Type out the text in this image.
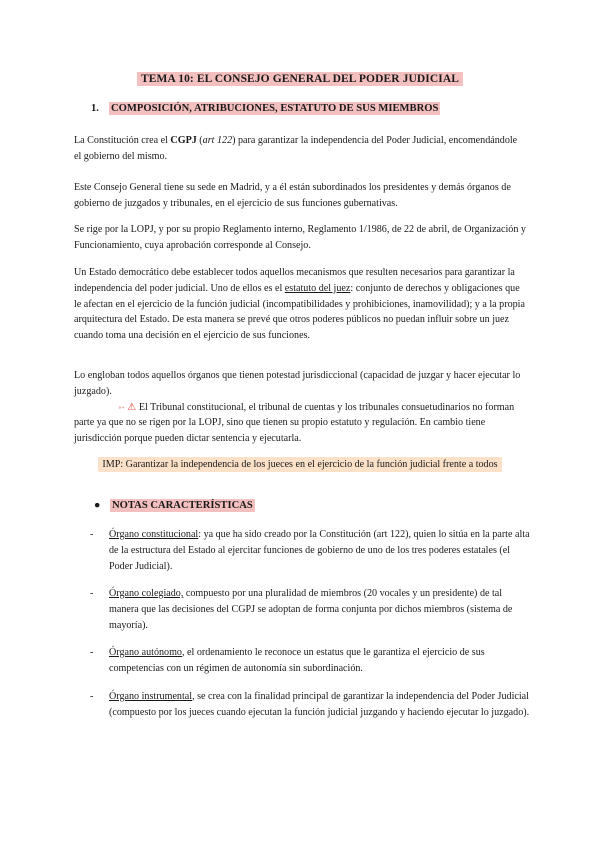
TEMA 10: EL CONSEJO GENERAL DEL PODER JUDICIAL
1. COMPOSICIÓN, ATRIBUCIONES, ESTATUTO DE SUS MIEMBROS

La Constitución crea el CGPJ (art 122) para garantizar la independencia del Poder Judicial, encomendándole el gobierno del mismo.

Este Consejo General tiene su sede en Madrid, y a él están subordinados los presidentes y demás órganos de gobierno de juzgados y tribunales, en el ejercicio de sus funciones gubernativas.

Se rige por la LOPJ, y por su propio Reglamento interno, Reglamento 1/1986, de 22 de abril, de Organización y Funcionamiento, cuya aprobación corresponde al Consejo.

Un Estado democrático debe establecer todos aquellos mecanismos que resulten necesarios para garantizar la independencia del poder judicial. Uno de ellos es el estatuto del juez: conjunto de derechos y obligaciones que le afectan en el ejercicio de la función judicial (incompatibilidades y prohibiciones, inamovilidad); y a la propia arquitectura del Estado. De esta manera se prevé que otros poderes públicos no puedan influir sobre un juez cuando toma una decisión en el ejercicio de sus funciones.

Lo engloban todos aquellos órganos que tienen potestad jurisdiccional (capacidad de juzgar y hacer ejecutar lo juzgado).
➳ ⚠ El Tribunal constitucional, el tribunal de cuentas y los tribunales consuetudinarios no forman parte ya que no se rigen por la LOPJ, sino que tienen su propio estatuto y regulación. En cambio tiene jurisdicción porque pueden dictar sentencia y ejecutarla.

IMP: Garantizar la independencia de los jueces en el ejercicio de la función judicial frente a todos
● NOTAS CARACTERÍSTICAS
- Órgano constitucional: ya que ha sido creado por la Constitución (art 122), quien lo sitúa en la parte alta de la estructura del Estado al ejercitar funciones de gobierno de uno de los tres poderes estatales (el Poder Judicial).
- Órgano colegiado, compuesto por una pluralidad de miembros (20 vocales y un presidente) de tal manera que las decisiones del CGPJ se adoptan de forma conjunta por dichos miembros (sistema de mayoría).
- Órgano autónomo, el ordenamiento le reconoce un estatus que le garantiza el ejercicio de sus competencias con un régimen de autonomía sin subordinación.
- Órgano instrumental, se crea con la finalidad principal de garantizar la independencia del Poder Judicial (compuesto por los jueces cuando ejecutan la función judicial juzgando y haciendo ejecutar lo juzgado).
